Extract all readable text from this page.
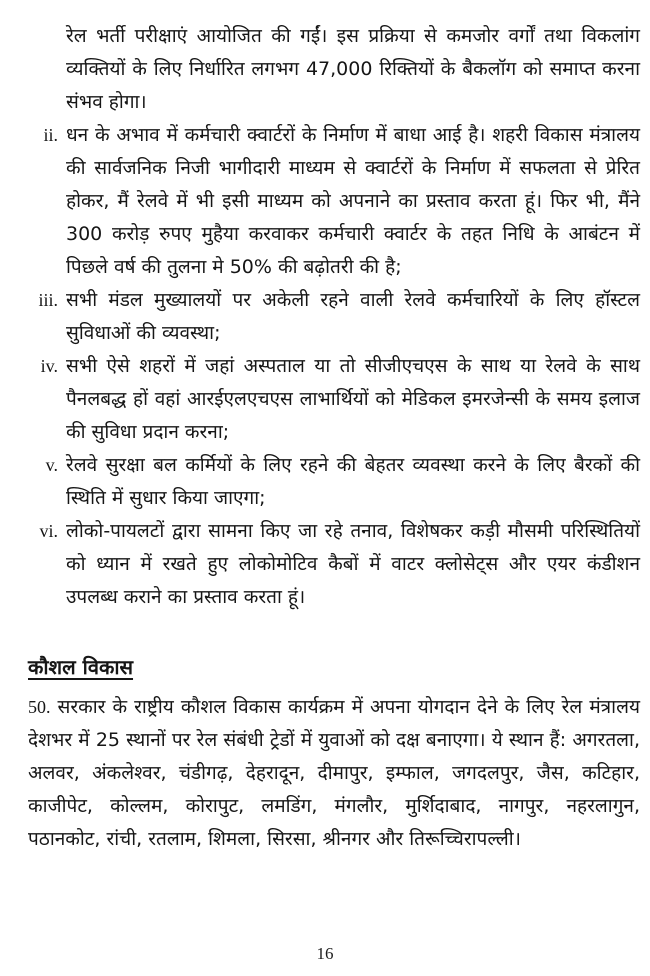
रेल भर्ती परीक्षाएं आयोजित की गईं। इस प्रक्रिया से कमजोर वर्गों तथा विकलांग व्यक्तियों के लिए निर्धारित लगभग 47,000 रिक्तियों के बैकलॉग को समाप्त करना संभव होगा।

ii. धन के अभाव में कर्मचारी क्वार्टरों के निर्माण में बाधा आई है। शहरी विकास मंत्रालय की सार्वजनिक निजी भागीदारी माध्यम से क्वार्टरों के निर्माण में सफलता से प्रेरित होकर, मैं रेलवे में भी इसी माध्यम को अपनाने का प्रस्ताव करता हूं। फिर भी, मैंने 300 करोड़ रुपए मुहैया करवाकर कर्मचारी क्वार्टर के तहत निधि के आबंटन में पिछले वर्ष की तुलना मे 50% की बढ़ोतरी की है;
iii. सभी मंडल मुख्यालयों पर अकेली रहने वाली रेलवे कर्मचारियों के लिए हॉस्टल सुविधाओं की व्यवस्था;
iv. सभी ऐसे शहरों में जहां अस्पताल या तो सीजीएचएस के साथ या रेलवे के साथ पैनलबद्ध हों वहां आरईएलएचएस लाभार्थियों को मेडिकल इमरजेन्सी के समय इलाज की सुविधा प्रदान करना;
v. रेलवे सुरक्षा बल कर्मियों के लिए रहने की बेहतर व्यवस्था करने के लिए बैरकों की स्थिति में सुधार किया जाएगा;
vi. लोको-पायलटों द्वारा सामना किए जा रहे तनाव, विशेषकर कड़ी मौसमी परिस्थितियों को ध्यान में रखते हुए लोकोमोटिव कैबों में वाटर क्लोसेट्स और एयर कंडीशन उपलब्ध कराने का प्रस्ताव करता हूं।
कौशल विकास

50. सरकार के राष्ट्रीय कौशल विकास कार्यक्रम में अपना योगदान देने के लिए रेल मंत्रालय देशभर में 25 स्थानों पर रेल संबंधी ट्रेडों में युवाओं को दक्ष बनाएगा। ये स्थान हैं: अगरतला, अलवर, अंकलेश्वर, चंडीगढ़, देहरादून, दीमापुर, इम्फाल, जगदलपुर, जैस, कटिहार, काजीपेट, कोल्लम, कोरापुट, लमडिंग, मंगलौर, मुर्शिदाबाद, नागपुर, नहरलागुन, पठानकोट, रांची, रतलाम, शिमला, सिरसा, श्रीनगर और तिरूच्चिरापल्ली।

16
